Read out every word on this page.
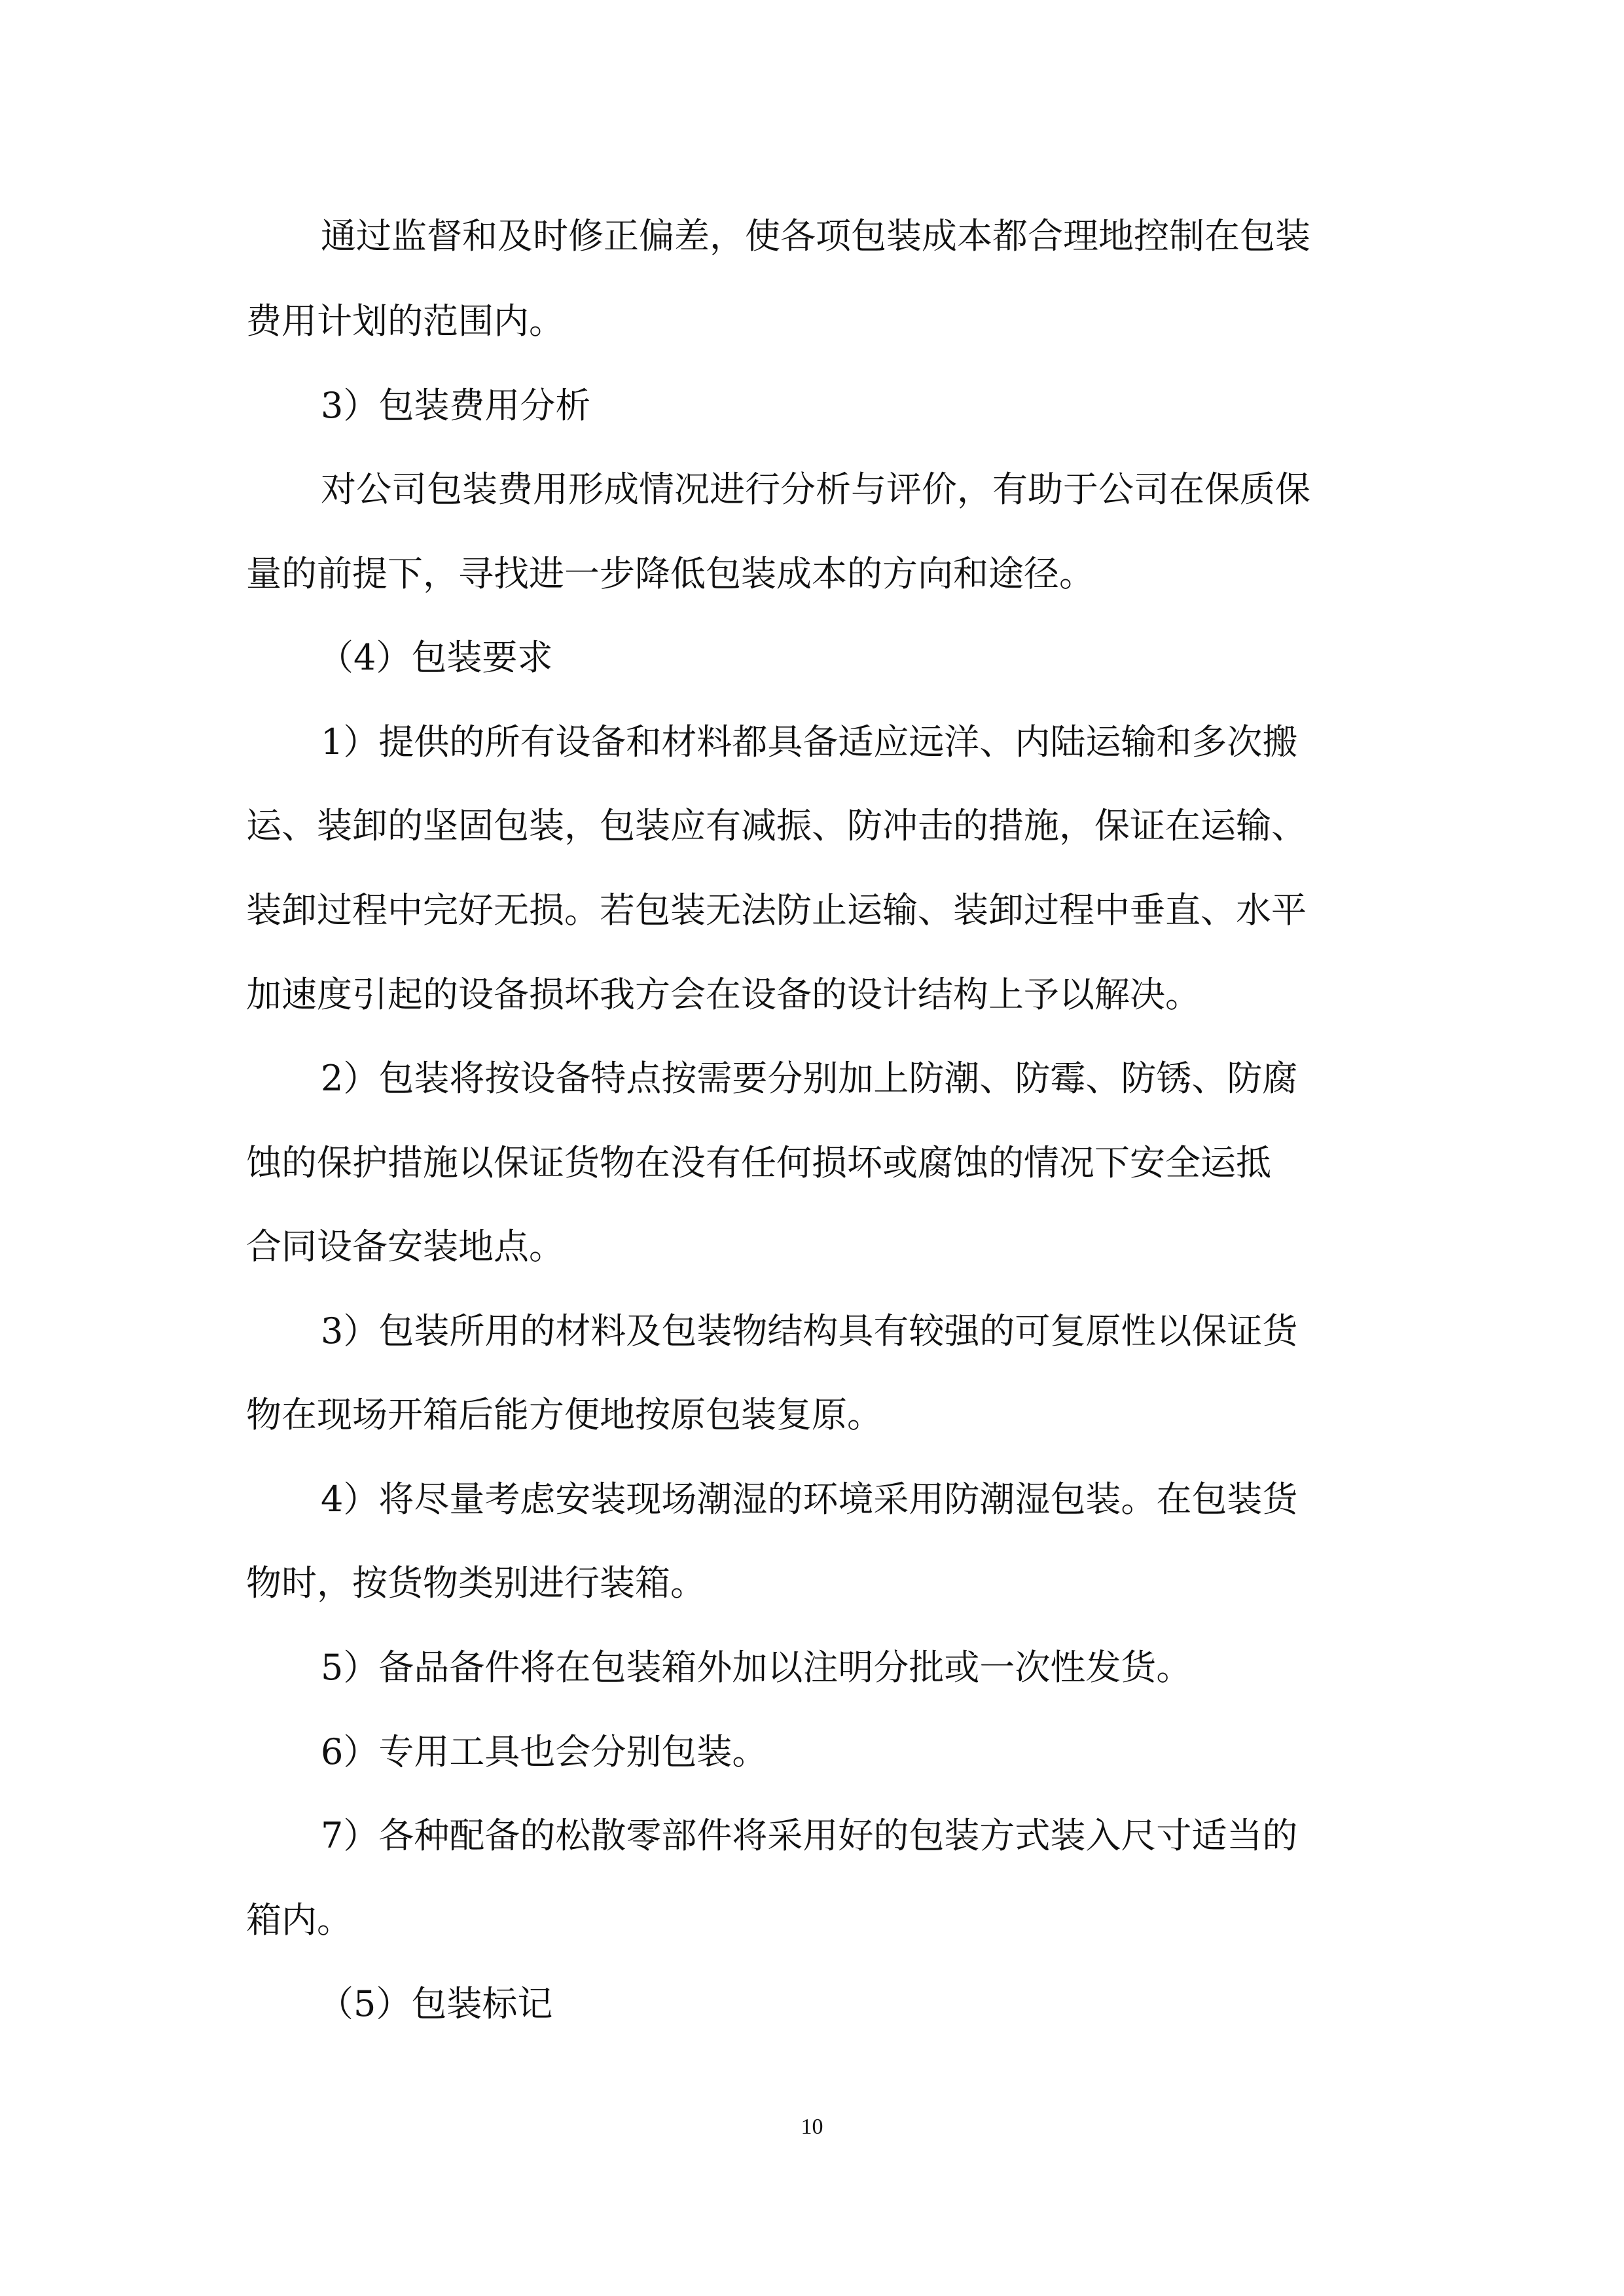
通过监督和及时修正偏差，使各项包装成本都合理地控制在包装
费用计划的范围内。
3）包装费用分析
对公司包装费用形成情况进行分析与评价，有助于公司在保质保
量的前提下，寻找进一步降低包装成本的方向和途径。
（4）包装要求
1）提供的所有设备和材料都具备适应远洋、内陆运输和多次搬
运、装卸的坚固包装，包装应有减振、防冲击的措施，保证在运输、
装卸过程中完好无损。若包装无法防止运输、装卸过程中垂直、水平
加速度引起的设备损坏我方会在设备的设计结构上予以解决。
2）包装将按设备特点按需要分别加上防潮、防霉、防锈、防腐
蚀的保护措施以保证货物在没有任何损坏或腐蚀的情况下安全运抵
合同设备安装地点。
3）包装所用的材料及包装物结构具有较强的可复原性以保证货
物在现场开箱后能方便地按原包装复原。
4）将尽量考虑安装现场潮湿的环境采用防潮湿包装。在包装货
物时，按货物类别进行装箱。
5）备品备件将在包装箱外加以注明分批或一次性发货。
6）专用工具也会分别包装。
7）各种配备的松散零部件将采用好的包装方式装入尺寸适当的
箱内。
（5）包装标记
10
